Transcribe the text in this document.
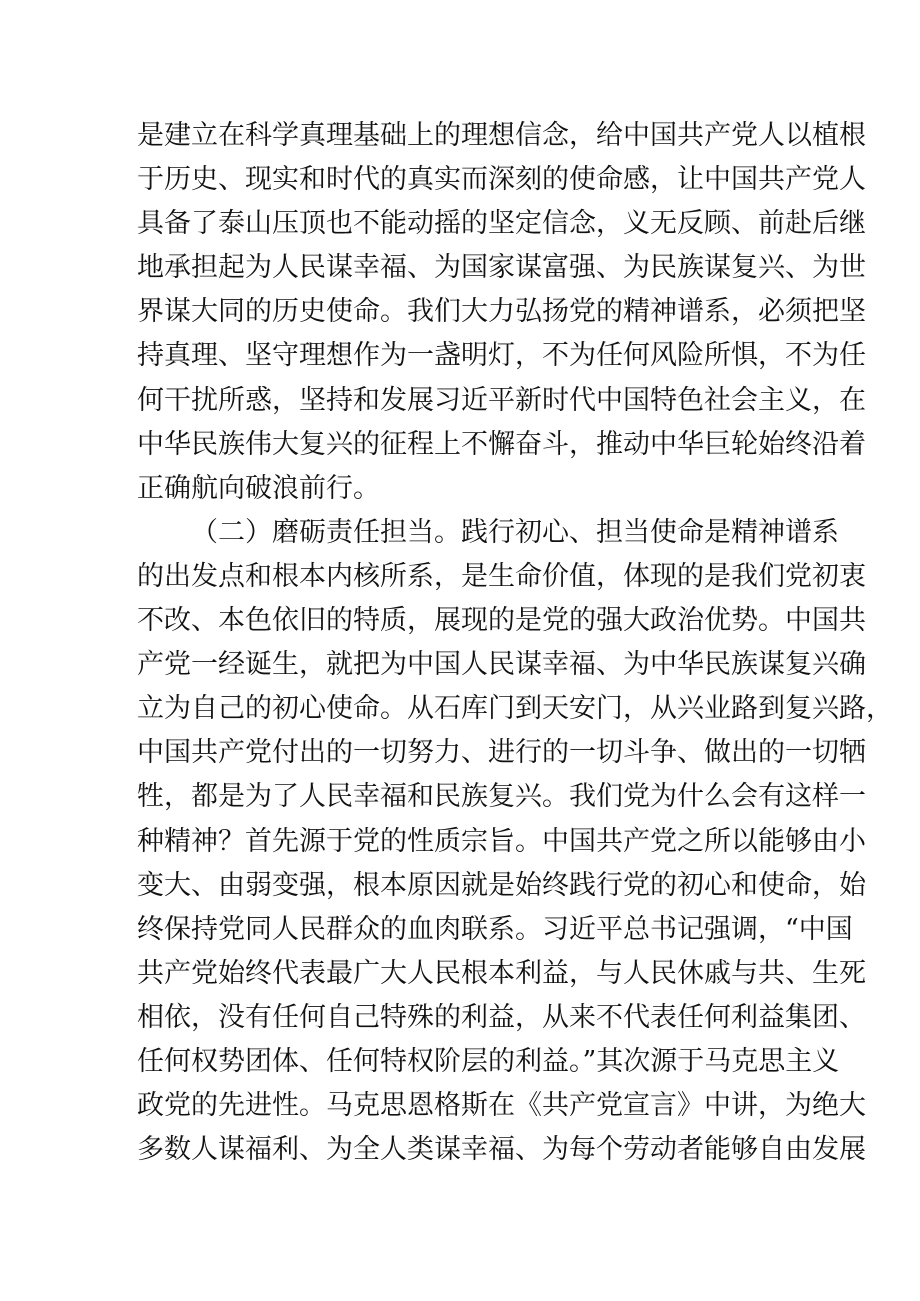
是建立在科学真理基础上的理想信念，给中国共产党人以植根
于历史、现实和时代的真实而深刻的使命感，让中国共产党人
具备了泰山压顶也不能动摇的坚定信念，义无反顾、前赴后继
地承担起为人民谋幸福、为国家谋富强、为民族谋复兴、为世
界谋大同的历史使命。我们大力弘扬党的精神谱系，必须把坚
持真理、坚守理想作为一盏明灯，不为任何风险所惧，不为任
何干扰所惑，坚持和发展习近平新时代中国特色社会主义，在
中华民族伟大复兴的征程上不懈奋斗，推动中华巨轮始终沿着
正确航向破浪前行。
（二）磨砺责任担当。践行初心、担当使命是精神谱系
的出发点和根本内核所系，是生命价值，体现的是我们党初衷
不改、本色依旧的特质，展现的是党的强大政治优势。中国共
产党一经诞生，就把为中国人民谋幸福、为中华民族谋复兴确
立为自己的初心使命。从石库门到天安门，从兴业路到复兴路，
中国共产党付出的一切努力、进行的一切斗争、做出的一切牺
牲，都是为了人民幸福和民族复兴。我们党为什么会有这样一
种精神？首先源于党的性质宗旨。中国共产党之所以能够由小
变大、由弱变强，根本原因就是始终践行党的初心和使命，始
终保持党同人民群众的血肉联系。习近平总书记强调，“中国
共产党始终代表最广大人民根本利益，与人民休戚与共、生死
相依，没有任何自己特殊的利益，从来不代表任何利益集团、
任何权势团体、任何特权阶层的利益。”其次源于马克思主义
政党的先进性。马克思恩格斯在《共产党宣言》中讲，为绝大
多数人谋福利、为全人类谋幸福、为每个劳动者能够自由发展
